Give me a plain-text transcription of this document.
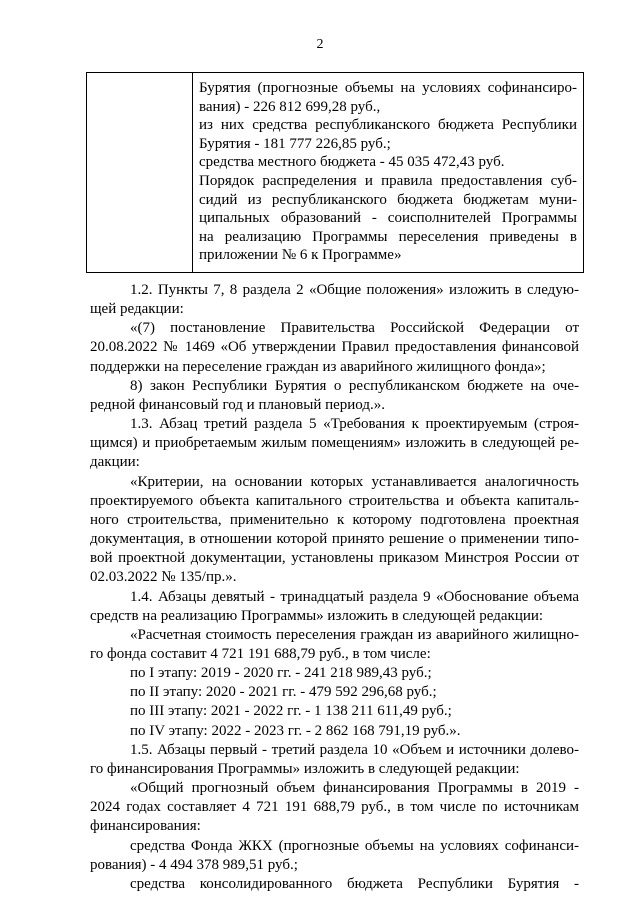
2

Бурятия (прогнозные объемы на условиях софинансиро-
вания) - 226 812 699,28 руб.,
из них средства республиканского бюджета Республики
Бурятия - 181 777 226,85 руб.;
средства местного бюджета - 45 035 472,43 руб.
Порядок распределения и правила предоставления суб-
сидий из республиканского бюджета бюджетам муни-
ципальных образований - соисполнителей Программы
на реализацию Программы переселения приведены в
приложении № 6 к Программе»
1.2. Пункты 7, 8 раздела 2 «Общие положения» изложить в следую-
щей редакции:
«(7) постановление Правительства Российской Федерации от
20.08.2022 № 1469 «Об утверждении Правил предоставления финансовой
поддержки на переселение граждан из аварийного жилищного фонда»;
8) закон Республики Бурятия о республиканском бюджете на оче-
редной финансовый год и плановый период.».
1.3. Абзац третий раздела 5 «Требования к проектируемым (строя-
щимся) и приобретаемым жилым помещениям» изложить в следующей ре-
дакции:
«Критерии, на основании которых устанавливается аналогичность
проектируемого объекта капитального строительства и объекта капиталь-
ного строительства, применительно к которому подготовлена проектная
документация, в отношении которой принято решение о применении типо-
вой проектной документации, установлены приказом Минстроя России от
02.03.2022 № 135/пр.».
1.4. Абзацы девятый - тринадцатый раздела 9 «Обоснование объема
средств на реализацию Программы» изложить в следующей редакции:
«Расчетная стоимость переселения граждан из аварийного жилищно-
го фонда составит 4 721 191 688,79 руб., в том числе:
по I этапу: 2019 - 2020 гг. - 241 218 989,43 руб.;
по II этапу: 2020 - 2021 гг. - 479 592 296,68 руб.;
по III этапу: 2021 - 2022 гг. - 1 138 211 611,49 руб.;
по IV этапу: 2022 - 2023 гг. - 2 862 168 791,19 руб.».
1.5. Абзацы первый - третий раздела 10 «Объем и источники долево-
го финансирования Программы» изложить в следующей редакции:
«Общий прогнозный объем финансирования Программы в 2019 -
2024 годах составляет 4 721 191 688,79 руб., в том числе по источникам
финансирования:
средства Фонда ЖКХ (прогнозные объемы на условиях софинанси-
рования) - 4 494 378 989,51 руб.;
средства консолидированного бюджета Республики Бурятия -
